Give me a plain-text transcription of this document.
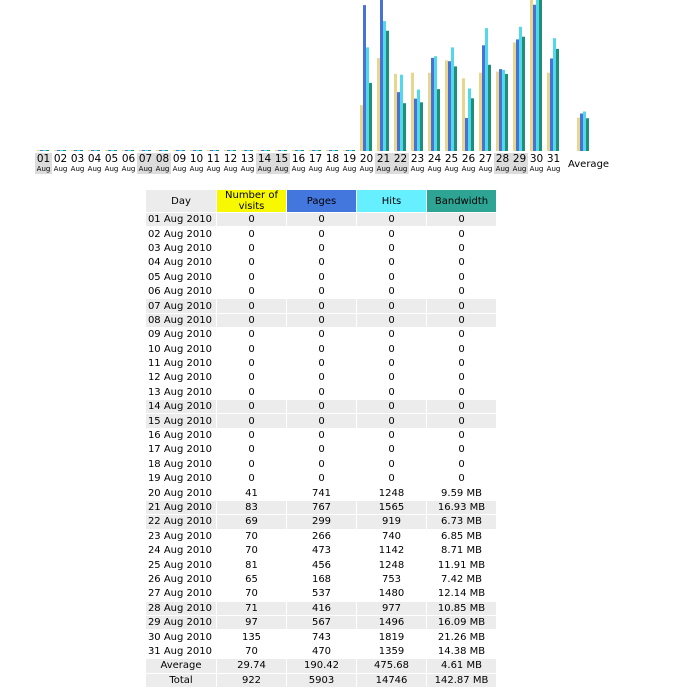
01
Aug
02
Aug
03
Aug
04
Aug
05
Aug
06
Aug
07
Aug
08
Aug
09
Aug
10
Aug
11
Aug
12
Aug
13
Aug
14
Aug
15
Aug
16
Aug
17
Aug
18
Aug
19
Aug
20
Aug
21
Aug
22
Aug
23
Aug
24
Aug
25
Aug
26
Aug
27
Aug
28
Aug
29
Aug
30
Aug
31
Aug Average
Day	Number of visits	Pages	Hits	Bandwidth
01 Aug 2010	0	0	0	0
02 Aug 2010	0	0	0	0
03 Aug 2010	0	0	0	0
04 Aug 2010	0	0	0	0
05 Aug 2010	0	0	0	0
06 Aug 2010	0	0	0	0
07 Aug 2010	0	0	0	0
08 Aug 2010	0	0	0	0
09 Aug 2010	0	0	0	0
10 Aug 2010	0	0	0	0
11 Aug 2010	0	0	0	0
12 Aug 2010	0	0	0	0
13 Aug 2010	0	0	0	0
14 Aug 2010	0	0	0	0
15 Aug 2010	0	0	0	0
16 Aug 2010	0	0	0	0
17 Aug 2010	0	0	0	0
18 Aug 2010	0	0	0	0
19 Aug 2010	0	0	0	0
20 Aug 2010	41	741	1248	9.59 MB
21 Aug 2010	83	767	1565	16.93 MB
22 Aug 2010	69	299	919	6.73 MB
23 Aug 2010	70	266	740	6.85 MB
24 Aug 2010	70	473	1142	8.71 MB
25 Aug 2010	81	456	1248	11.91 MB
26 Aug 2010	65	168	753	7.42 MB
27 Aug 2010	70	537	1480	12.14 MB
28 Aug 2010	71	416	977	10.85 MB
29 Aug 2010	97	567	1496	16.09 MB
30 Aug 2010	135	743	1819	21.26 MB
31 Aug 2010	70	470	1359	14.38 MB
Average	29.74	190.42	475.68	4.61 MB
Total	922	5903	14746	142.87 MB
